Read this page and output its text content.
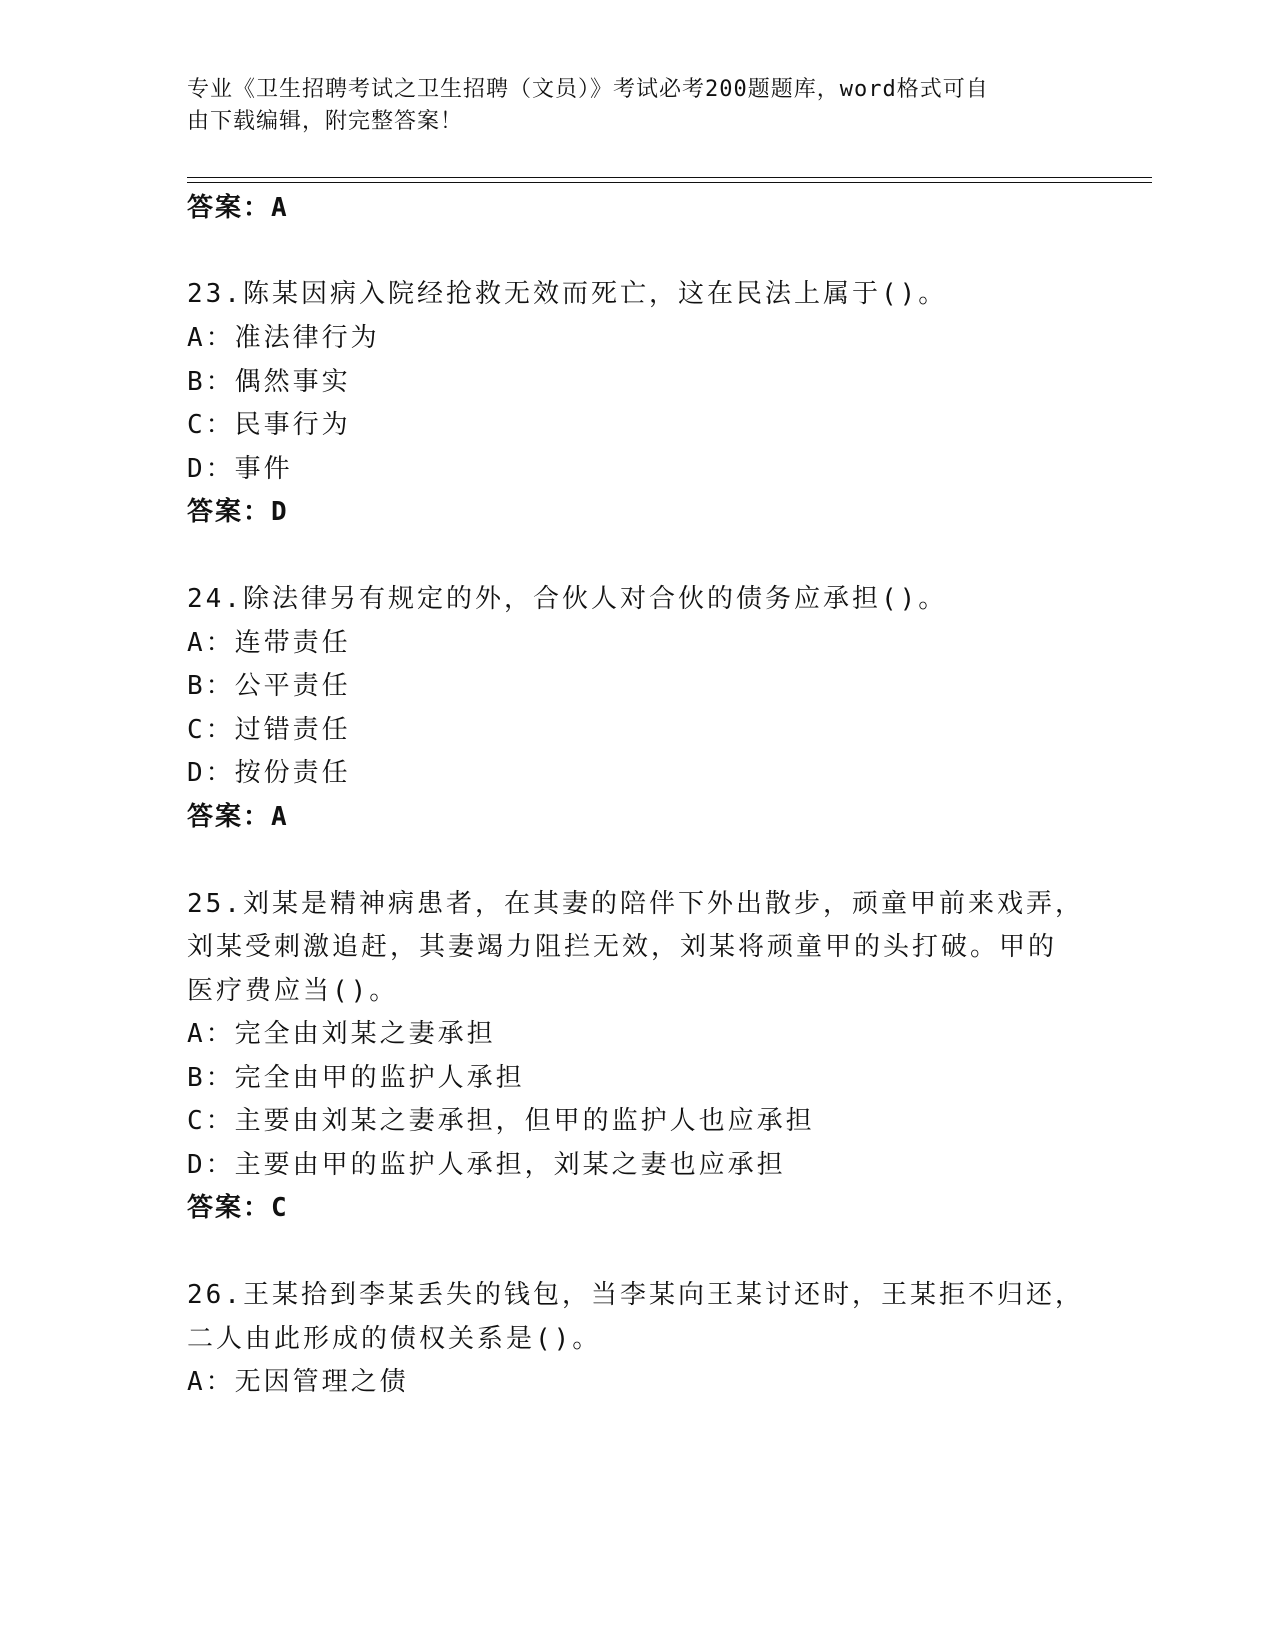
专业《卫生招聘考试之卫生招聘（文员）》考试必考200题题库，word格式可自
由下载编辑，附完整答案！
答案：A
23.陈某因病入院经抢救无效而死亡，这在民法上属于()。
A：准法律行为
B：偶然事实
C：民事行为
D：事件
答案：D
24.除法律另有规定的外，合伙人对合伙的债务应承担()。
A：连带责任
B：公平责任
C：过错责任
D：按份责任
答案：A
25.刘某是精神病患者，在其妻的陪伴下外出散步，顽童甲前来戏弄，
刘某受刺激追赶，其妻竭力阻拦无效，刘某将顽童甲的头打破。甲的
医疗费应当()。
A：完全由刘某之妻承担
B：完全由甲的监护人承担
C：主要由刘某之妻承担，但甲的监护人也应承担
D：主要由甲的监护人承担，刘某之妻也应承担
答案：C
26.王某拾到李某丢失的钱包，当李某向王某讨还时，王某拒不归还，
二人由此形成的债权关系是()。
A：无因管理之债
